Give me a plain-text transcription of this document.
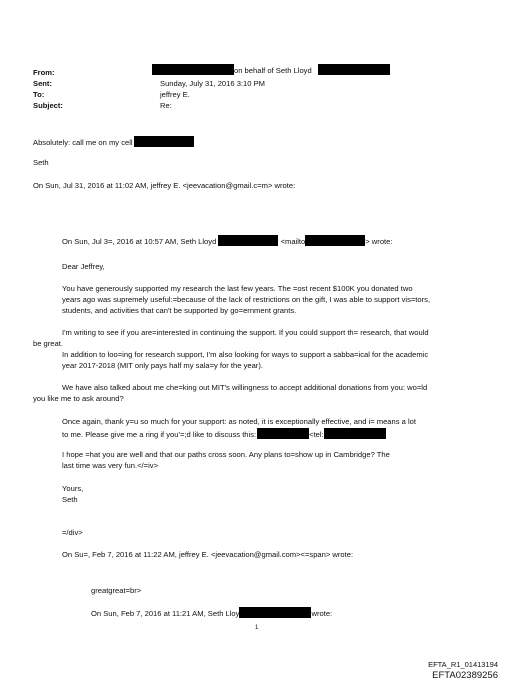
From:	on behalf of Seth Lloyd
Sent:	Sunday, July 31, 2016 3:10 PM
To:	jeffrey E.
Subject:	Re:
Absolutely: call me on my cell
Seth
On Sun, Jul 31, 2016 at 11:02 AM, jeffrey E. <jeevacation@gmail.c=m> wrote:
On Sun, Jul 3=, 2016 at 10:57 AM, Seth Lloyd	<mailto	> wrote:
Dear Jeffrey,
You have generously supported my research the last few years. The =ost recent $100K you donated two
years ago was supremely useful:=because of the lack of restrictions on the gift, I was able to support vis=tors,
students, and activities that can't be supported by go=ernment grants.
I'm writing to see if you are=interested in continuing the support. If you could support th= research, that would
be great.
In addition to loo=ing for research support, I'm also looking for ways to support a sabba=ical for the academic
year 2017-2018 (MIT only pays half my sala=y for the year).
We have also talked about me che=king out MIT's willingness to accept additional donations from you: wo=ld
you like me to ask around?
Once again, thank y=u so much for your support: as noted, it is exceptionally effective, and i= means a lot
to me. Please give me a ring if you'=;d like to discuss this:	<tel:
I hope =hat you are well and that our paths cross soon. Any plans to=show up in Cambridge? The
last time was very fun.</=iv>
Yours,
Seth
=/div>
On Su=, Feb 7, 2016 at 11:22 AM, jeffrey E. <jeevacation@gmail.com><=span> wrote:
greatgreat=br>
On Sun, Feb 7, 2016 at 11:21 AM, Seth Lloy	wrote:
1
EFTA_R1_01413194
EFTA02389256
